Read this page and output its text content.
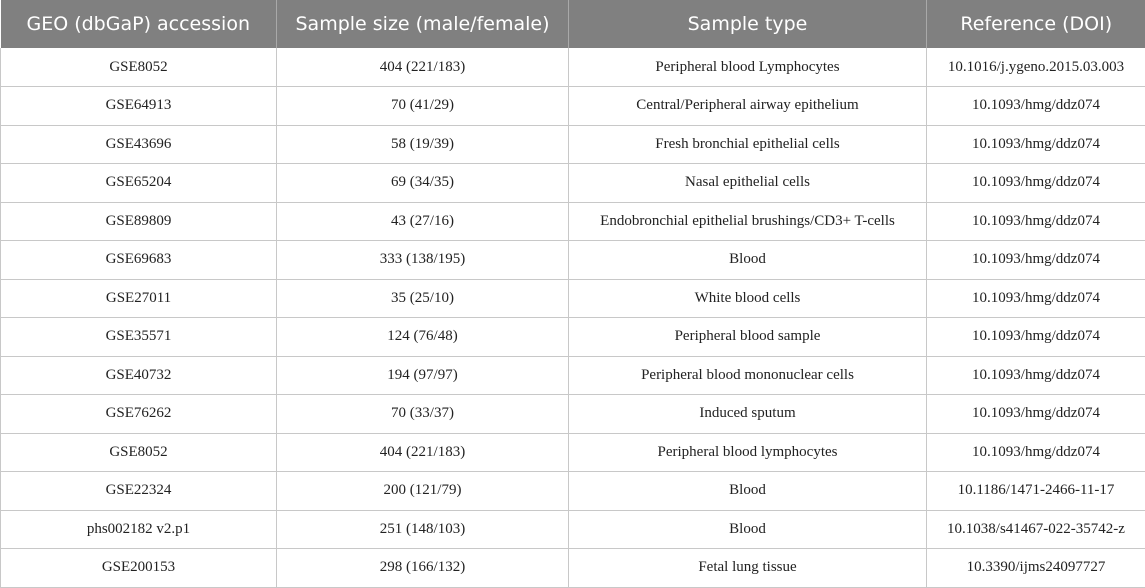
GEO (dbGaP) accession	Sample size (male/female)	Sample type	Reference (DOI)
GSE8052	404 (221/183)	Peripheral blood Lymphocytes	10.1016/j.ygeno.2015.03.003
GSE64913	70 (41/29)	Central/Peripheral airway epithelium	10.1093/hmg/ddz074
GSE43696	58 (19/39)	Fresh bronchial epithelial cells	10.1093/hmg/ddz074
GSE65204	69 (34/35)	Nasal epithelial cells	10.1093/hmg/ddz074
GSE89809	43 (27/16)	Endobronchial epithelial brushings/CD3+ T-cells	10.1093/hmg/ddz074
GSE69683	333 (138/195)	Blood	10.1093/hmg/ddz074
GSE27011	35 (25/10)	White blood cells	10.1093/hmg/ddz074
GSE35571	124 (76/48)	Peripheral blood sample	10.1093/hmg/ddz074
GSE40732	194 (97/97)	Peripheral blood mononuclear cells	10.1093/hmg/ddz074
GSE76262	70 (33/37)	Induced sputum	10.1093/hmg/ddz074
GSE8052	404 (221/183)	Peripheral blood lymphocytes	10.1093/hmg/ddz074
GSE22324	200 (121/79)	Blood	10.1186/1471-2466-11-17
phs002182 v2.p1	251 (148/103)	Blood	10.1038/s41467-022-35742-z
GSE200153	298 (166/132)	Fetal lung tissue	10.3390/ijms24097727
